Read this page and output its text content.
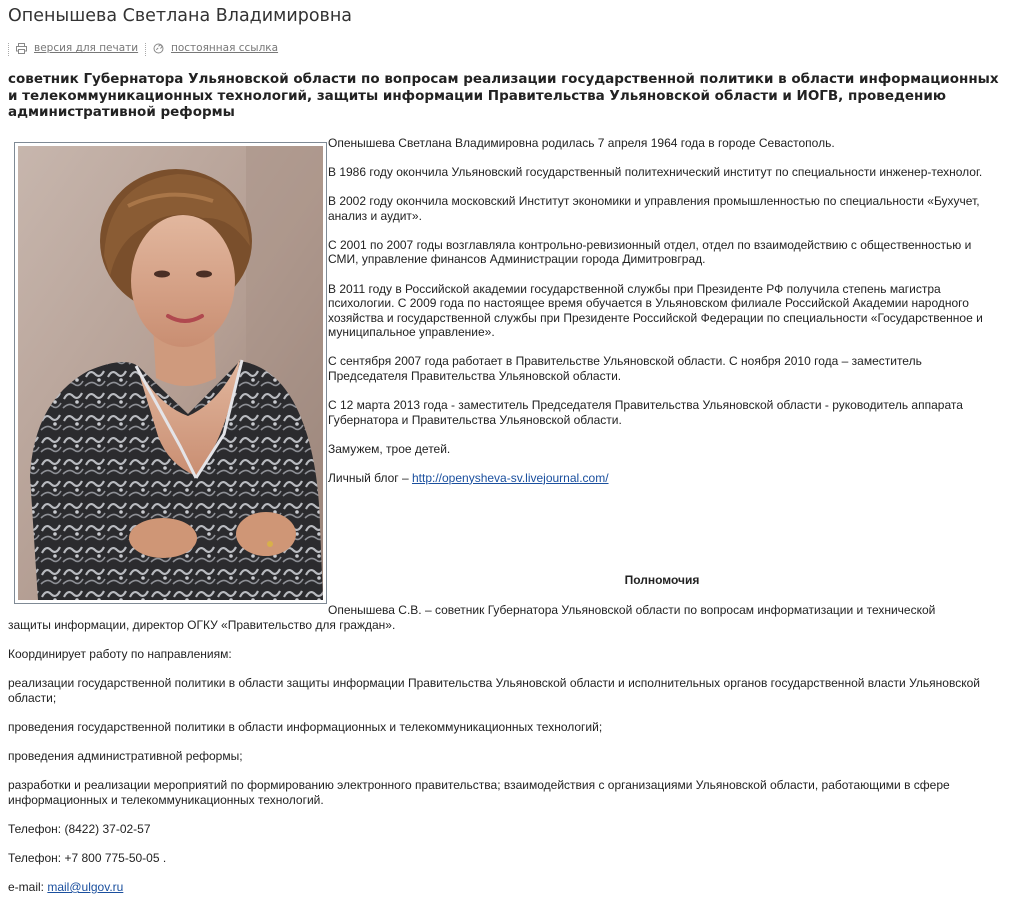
Опенышева Светлана Владимировна
версия для печати	постоянная ссылка
советник Губернатора Ульяновской области по вопросам реализации государственной политики в области информационных и телекоммуникационных технологий, защиты информации Правительства Ульяновской области и ИОГВ, проведению административной реформы

Опенышева Светлана Владимировна родилась 7 апреля 1964 года в городе Севастополь.

В 1986 году окончила Ульяновский государственный политехнический институт по специальности инженер-технолог.

В 2002 году окончила московский Институт экономики и управления промышленностью по специальности «Бухучет, анализ и аудит».

С 2001 по 2007 годы возглавляла контрольно-ревизионный отдел, отдел по взаимодействию с общественностью и СМИ, управление финансов Администрации города Димитровград.

В 2011 году в Российской академии государственной службы при Президенте РФ получила степень магистра психологии. С 2009 года по настоящее время обучается в Ульяновском филиале Российской Академии народного хозяйства и государственной службы при Президенте Российской Федерации по специальности «Государственное и муниципальное управление».

С сентября 2007 года работает в Правительстве Ульяновской области. С ноября 2010 года – заместитель Председателя Правительства Ульяновской области.

С 12 марта 2013 года - заместитель Председателя Правительства Ульяновской области - руководитель аппарата Губернатора и Правительства Ульяновской области.

Замужем, трое детей.

Личный блог – http://openysheva-sv.livejournal.com/

Полномочия
Опенышева С.В. – советник Губернатора Ульяновской области по вопросам информатизации и технической

защиты информации, директор ОГКУ «Правительство для граждан».

Координирует работу по направлениям:

реализации государственной политики в области защиты информации Правительства Ульяновской области и исполнительных органов государственной власти Ульяновской области;

проведения государственной политики в области информационных и телекоммуникационных технологий;

проведения административной реформы;

разработки и реализации мероприятий по формированию электронного правительства; взаимодействия с организациями Ульяновской области, работающими в сфере информационных и телекоммуникационных технологий.

Телефон: (8422) 37-02-57

Телефон: +7 800 775-50-05 .

e-mail: mail@ulgov.ru
